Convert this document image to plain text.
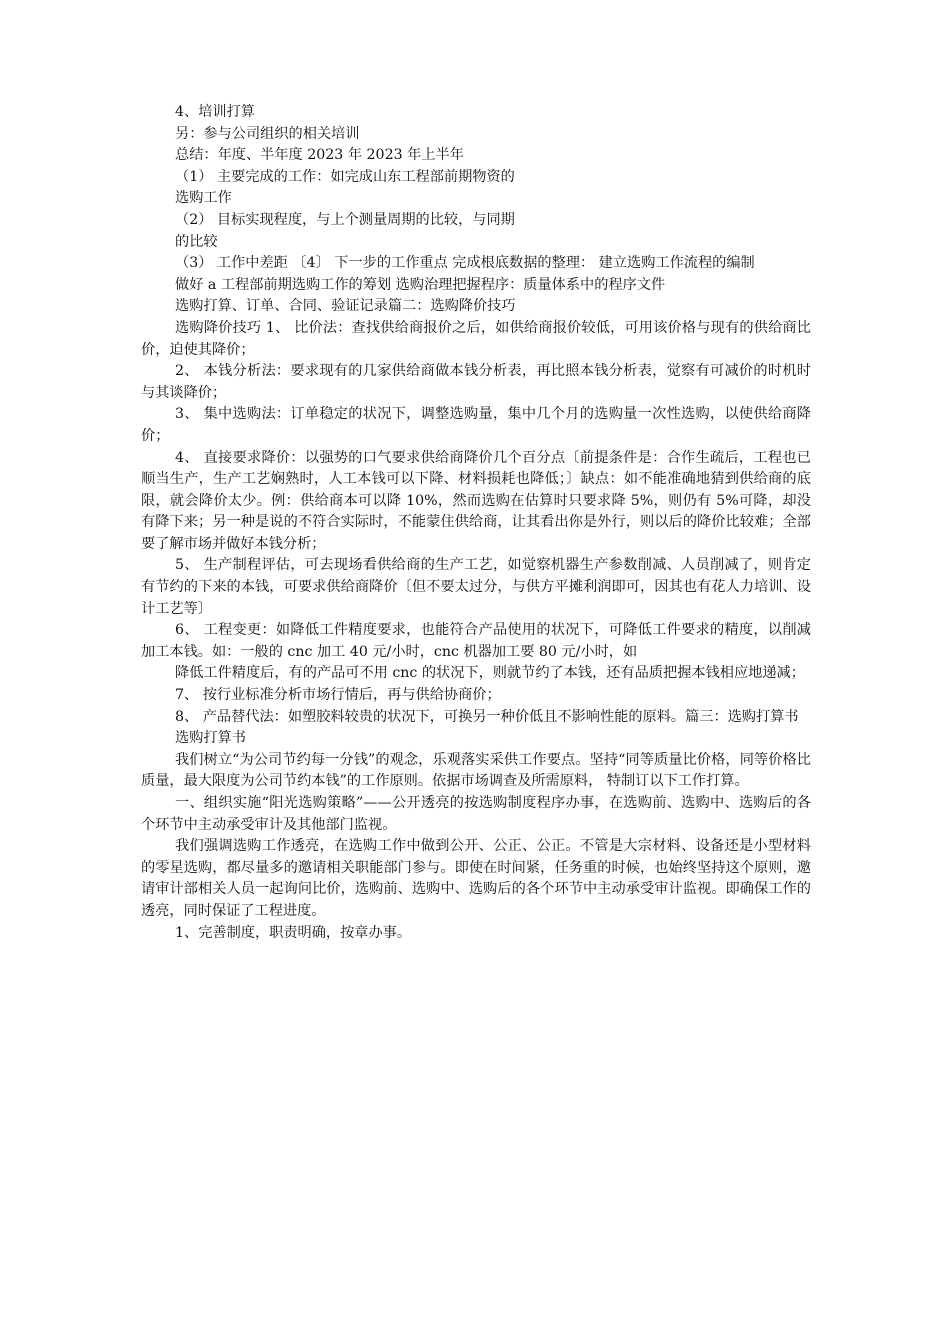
4、培训打算

另：参与公司组织的相关培训

总结：年度、半年度 2023 年 2023 年上半年

（1） 主要完成的工作：如完成山东工程部前期物资的

选购工作

（2） 目标实现程度，与上个测量周期的比较，与同期

的比较

（3） 工作中差距 〔4〕 下一步的工作重点 完成根底数据的整理： 建立选购工作流程的编制

做好 a 工程部前期选购工作的筹划 选购治理把握程序：质量体系中的程序文件

选购打算、订单、合同、验证记录篇二：选购降价技巧

选购降价技巧 1、 比价法：查找供给商报价之后，如供给商报价较低，可用该价格与现有的供给商比价，迫使其降价；

2、 本钱分析法：要求现有的几家供给商做本钱分析表，再比照本钱分析表，觉察有可减价的时机时与其谈降价；

3、 集中选购法：订单稳定的状况下，调整选购量，集中几个月的选购量一次性选购，以使供给商降价；

4、 直接要求降价：以强势的口气要求供给商降价几个百分点〔前提条件是：合作生疏后，工程也已顺当生产，生产工艺娴熟时，人工本钱可以下降、材料损耗也降低；〕缺点：如不能准确地猜到供给商的底限，就会降价太少。例：供给商本可以降 10%，然而选购在估算时只要求降 5%，则仍有 5%可降，却没有降下来；另一种是说的不符合实际时，不能蒙住供给商，让其看出你是外行，则以后的降价比较难；全部要了解市场并做好本钱分析；

5、 生产制程评估，可去现场看供给商的生产工艺，如觉察机器生产参数削减、人员削减了，则肯定有节约的下来的本钱，可要求供给商降价〔但不要太过分，与供方平摊利润即可，因其也有花人力培训、设计工艺等〕

6、 工程变更：如降低工件精度要求，也能符合产品使用的状况下，可降低工件要求的精度，以削减加工本钱。如：一般的 cnc 加工 40 元/小时，cnc 机器加工要 80 元/小时，如

降低工件精度后，有的产品可不用 cnc 的状况下，则就节约了本钱，还有品质把握本钱相应地递减；

7、 按行业标准分析市场行情后，再与供给协商价；

8、 产品替代法：如塑胶料较贵的状况下，可换另一种价低且不影响性能的原料。篇三：选购打算书

选购打算书

我们树立“为公司节约每一分钱”的观念，乐观落实采供工作要点。坚持“同等质量比价格，同等价格比质量，最大限度为公司节约本钱”的工作原则。依据市场调查及所需原料， 特制订以下工作打算。

一、组织实施“阳光选购策略”——公开透亮的按选购制度程序办事，在选购前、选购中、选购后的各个环节中主动承受审计及其他部门监视。

我们强调选购工作透亮，在选购工作中做到公开、公正、公正。不管是大宗材料、设备还是小型材料的零星选购，都尽量多的邀请相关职能部门参与。即使在时间紧，任务重的时候，也始终坚持这个原则，邀请审计部相关人员一起询问比价，选购前、选购中、选购后的各个环节中主动承受审计监视。即确保工作的透亮，同时保证了工程进度。

1、完善制度，职责明确，按章办事。
